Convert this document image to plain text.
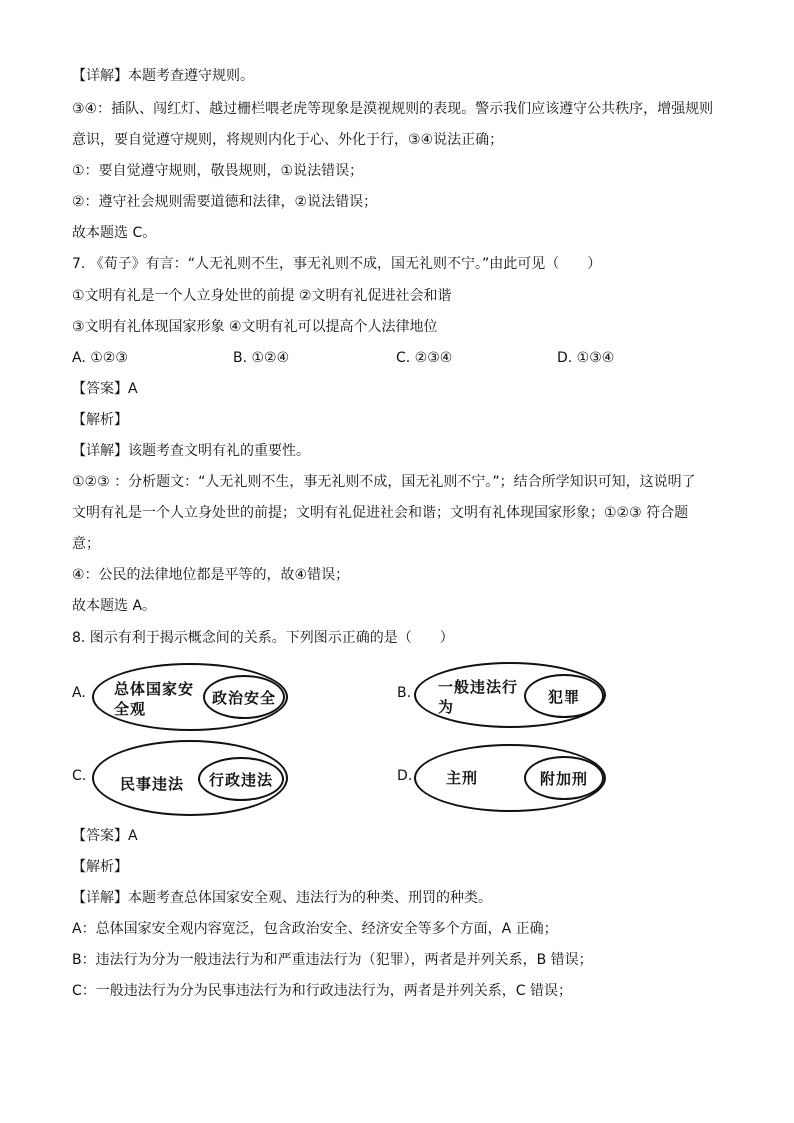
【详解】本题考查遵守规则。
③④：插队、闯红灯、越过栅栏喂老虎等现象是漠视规则的表现。警示我们应该遵守公共秩序，增强规则
意识，要自觉遵守规则，将规则内化于心、外化于行，③④说法正确；
①：要自觉遵守规则，敬畏规则，①说法错误；
②：遵守社会规则需要道德和法律，②说法错误；
故本题选 C。
7. 《荀子》有言：“人无礼则不生，事无礼则不成，国无礼则不宁。”由此可见（　　）
①文明有礼是一个人立身处世的前提 ②文明有礼促进社会和谐
③文明有礼体现国家形象 ④文明有礼可以提高个人法律地位
A. ①②③	B. ①②④	C. ②③④	D. ①③④
【答案】A
【解析】
【详解】该题考查文明有礼的重要性。
①②③ ：分析题文：“人无礼则不生，事无礼则不成，国无礼则不宁。”；结合所学知识可知，这说明了
文明有礼是一个人立身处世的前提；文明有礼促进社会和谐；文明有礼体现国家形象；①②③ 符合题
意；
④：公民的法律地位都是平等的，故④错误；
故本题选 A。
8. 图示有利于揭示概念间的关系。下列图示正确的是（　　）
A. 总体国家安
全观
政治安全	B. 一般违法行
为
犯罪
C. 民事违法	行政违法	D. 主刑	附加刑
【答案】A
【解析】
【详解】本题考查总体国家安全观、违法行为的种类、刑罚的种类。
A：总体国家安全观内容宽泛，包含政治安全、经济安全等多个方面，A 正确；
B：违法行为分为一般违法行为和严重违法行为（犯罪），两者是并列关系，B 错误；
C：一般违法行为分为民事违法行为和行政违法行为，两者是并列关系，C 错误；
